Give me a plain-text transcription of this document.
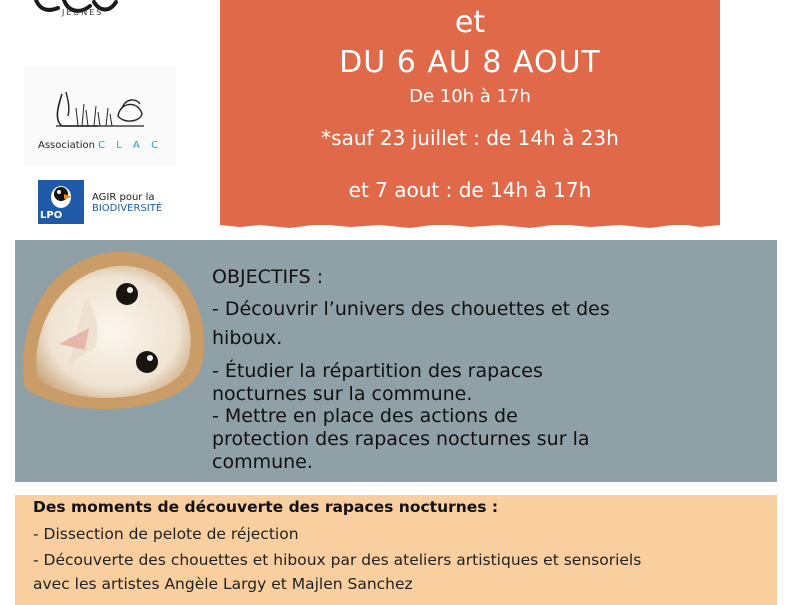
JEUNES
Association C L A C
LPO
AGIR pour la
BIODIVERSITÉ
et
DU 6 AU 8 AOUT
De 10h à 17h
*sauf 23 juillet : de 14h à 23h
et 7 aout : de 14h à 17h
OBJECTIFS :
- Découvrir l’univers des chouettes et des
hiboux.
- Étudier la répartition des rapaces
nocturnes sur la commune.
- Mettre en place des actions de
protection des rapaces nocturnes sur la
commune.
Des moments de découverte des rapaces nocturnes :
- Dissection de pelote de réjection
- Découverte des chouettes et hiboux par des ateliers artistiques et sensoriels
avec les artistes Angèle Largy et Majlen Sanchez
